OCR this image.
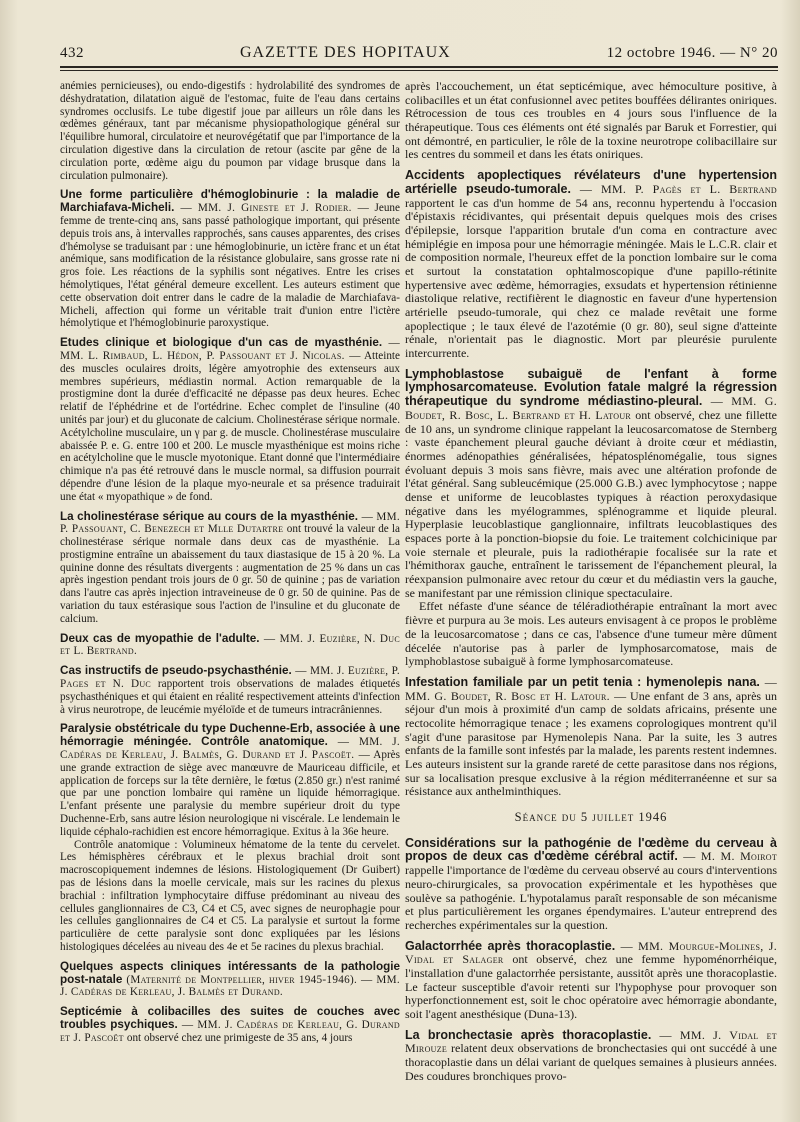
432	GAZETTE DES HOPITAUX	12 octobre 1946. — N° 20

anémies pernicieuses), ou endo-digestifs : hydrolabilité des syndromes de déshydratation, dilatation aiguë de l'estomac, fuite de l'eau dans certains syndromes occlusifs. Le tube digestif joue par ailleurs un rôle dans les œdèmes généraux, tant par mécanisme physiopathologique général sur l'équilibre humoral, circulatoire et neurovégétatif que par l'importance de la circulation digestive dans la circulation de retour (ascite par gêne de la circulation porte, œdème aigu du poumon par vidage brusque dans la circulation pulmonaire).

Une forme particulière d'hémoglobinurie : la maladie de Marchiafava-Micheli. — MM. J. Gineste et J. Rodier. — Jeune femme de trente-cinq ans, sans passé pathologique important, qui présente depuis trois ans, à intervalles rapprochés, sans causes apparentes, des crises d'hémolyse se traduisant par : une hémoglobinurie, un ictère franc et un état anémique, sans modification de la résistance globulaire, sans grosse rate ni gros foie. Les réactions de la syphilis sont négatives. Entre les crises hémolytiques, l'état général demeure excellent. Les auteurs estiment que cette observation doit entrer dans le cadre de la maladie de Marchiafava-Micheli, affection qui forme un véritable trait d'union entre l'ictère hémolytique et l'hémoglobinurie paroxystique.

Etudes clinique et biologique d'un cas de myasthénie. — MM. L. Rimbaud, L. Hédon, P. Passouant et J. Nicolas. — Atteinte des muscles oculaires droits, légère amyotrophie des extenseurs aux membres supérieurs, médiastin normal. Action remarquable de la prostigmine dont la durée d'efficacité ne dépasse pas deux heures. Echec relatif de l'éphédrine et de l'ortédrine. Echec complet de l'insuline (40 unités par jour) et du gluconate de calcium. Cholinestérase sérique normale. Acétylcholine musculaire, un γ par g. de muscle. Cholinestérase musculaire abaissée P. e. G. entre 100 et 200. Le muscle myasthénique est moins riche en acétylcholine que le muscle myotonique. Etant donné que l'intermédiaire chimique n'a pas été retrouvé dans le muscle normal, sa diffusion pourrait dépendre d'une lésion de la plaque myo-neurale et sa présence traduirait une état « myopathique » de fond.

La cholinestérase sérique au cours de la myasthénie. — MM. P. Passouant, C. Benezech et Mlle Dutartre ont trouvé la valeur de la cholinestérase sérique normale dans deux cas de myasthénie. La prostigmine entraîne un abaissement du taux diastasique de 15 à 20 %. La quinine donne des résultats divergents : augmentation de 25 % dans un cas après ingestion pendant trois jours de 0 gr. 50 de quinine ; pas de variation dans l'autre cas après injection intraveineuse de 0 gr. 50 de quinine. Pas de variation du taux estérasique sous l'action de l'insuline et du gluconate de calcium.

Deux cas de myopathie de l'adulte. — MM. J. Euzière, N. Duc et L. Bertrand.

Cas instructifs de pseudo-psychasthénie. — MM. J. Euzière, P. Pages et N. Duc rapportent trois observations de malades étiquetés psychasthéniques et qui étaient en réalité respectivement atteints d'infection à virus neurotrope, de leucémie myéloïde et de tumeurs intracrâniennes.

Paralysie obstétricale du type Duchenne-Erb, associée à une hémorragie méningée. Contrôle anatomique. — MM. J. Cadéras de Kerleau, J. Balmès, G. Durand et J. Pascoët. — Après une grande extraction de siège avec manœuvre de Mauriceau difficile, et application de forceps sur la tête dernière, le fœtus (2.850 gr.) n'est ranimé que par une ponction lombaire qui ramène un liquide hémorragique. L'enfant présente une paralysie du membre supérieur droit du type Duchenne-Erb, sans autre lésion neurologique ni viscérale. Le lendemain le liquide céphalo-rachidien est encore hémorragique. Exitus à la 36e heure.

Contrôle anatomique : Volumineux hématome de la tente du cervelet. Les hémisphères cérébraux et le plexus brachial droit sont macroscopiquement indemnes de lésions. Histologiquement (Dr Guibert) pas de lésions dans la moelle cervicale, mais sur les racines du plexus brachial : infiltration lymphocytaire diffuse prédominant au niveau des cellules ganglionnaires de C3, C4 et C5, avec signes de neurophagie pour les cellules ganglionnaires de C4 et C5. La paralysie et surtout la forme particulière de cette paralysie sont donc expliquées par les lésions histologiques décelées au niveau des 4e et 5e racines du plexus brachial.

Quelques aspects cliniques intéressants de la pathologie post-natale (Maternité de Montpellier, hiver 1945-1946). — MM. J. Cadéras de Kerleau, J. Balmès et Durand.

Septicémie à colibacilles des suites de couches avec troubles psychiques. — MM. J. Cadéras de Kerleau, G. Durand et J. Pascoët ont observé chez une primigeste de 35 ans, 4 jours

après l'accouchement, un état septicémique, avec hémoculture positive, à colibacilles et un état confusionnel avec petites bouffées délirantes oniriques. Rétrocession de tous ces troubles en 4 jours sous l'influence de la thérapeutique. Tous ces éléments ont été signalés par Baruk et Forrestier, qui ont démontré, en particulier, le rôle de la toxine neurotrope colibacillaire sur les centres du sommeil et dans les états oniriques.

Accidents apoplectiques révélateurs d'une hypertension artérielle pseudo-tumorale. — MM. P. Pagès et L. Bertrand rapportent le cas d'un homme de 54 ans, reconnu hypertendu à l'occasion d'épistaxis récidivantes, qui présentait depuis quelques mois des crises d'épilepsie, lorsque l'apparition brutale d'un coma en contracture avec hémiplégie en imposa pour une hémorragie méningée. Mais le L.C.R. clair et de composition normale, l'heureux effet de la ponction lombaire sur le coma et surtout la constatation ophtalmoscopique d'une papillo-rétinite hypertensive avec œdème, hémorragies, exsudats et hypertension rétinienne diastolique relative, rectifièrent le diagnostic en faveur d'une hypertension artérielle pseudo-tumorale, qui chez ce malade revêtait une forme apoplectique ; le taux élevé de l'azotémie (0 gr. 80), seul signe d'atteinte rénale, n'orientait pas le diagnostic. Mort par pleurésie purulente intercurrente.

Lymphoblastose subaiguë de l'enfant à forme lymphosarcomateuse. Evolution fatale malgré la régression thérapeutique du syndrome médiastino-pleural. — MM. G. Boudet, R. Bosc, L. Bertrand et H. Latour ont observé, chez une fillette de 10 ans, un syndrome clinique rappelant la leucosarcomatose de Sternberg : vaste épanchement pleural gauche déviant à droite cœur et médiastin, énormes adénopathies généralisées, hépatosplénomégalie, tous signes évoluant depuis 3 mois sans fièvre, mais avec une altération profonde de l'état général. Sang subleucémique (25.000 G.B.) avec lymphocytose ; nappe dense et uniforme de leucoblastes typiques à réaction peroxydasique négative dans les myélogrammes, splénogramme et liquide pleural. Hyperplasie leucoblastique ganglionnaire, infiltrats leucoblastiques des espaces porte à la ponction-biopsie du foie. Le traitement colchicinique par voie sternale et pleurale, puis la radiothérapie focalisée sur la rate et l'hémithorax gauche, entraînent le tarissement de l'épanchement pleural, la réexpansion pulmonaire avec retour du cœur et du médiastin vers la gauche, se manifestant par une rémission clinique spectaculaire.

Effet néfaste d'une séance de téléradiothérapie entraînant la mort avec fièvre et purpura au 3e mois. Les auteurs envisagent à ce propos le problème de la leucosarcomatose ; dans ce cas, l'absence d'une tumeur mère dûment décelée n'autorise pas à parler de lymphosarcomatose, mais de lymphoblastose subaiguë à forme lymphosarcomateuse.

Infestation familiale par un petit tenia : hymenolepis nana. — MM. G. Boudet, R. Bosc et H. Latour. — Une enfant de 3 ans, après un séjour d'un mois à proximité d'un camp de soldats africains, présente une rectocolite hémorragique tenace ; les examens coprologiques montrent qu'il s'agit d'une parasitose par Hymenolepis Nana. Par la suite, les 3 autres enfants de la famille sont infestés par la malade, les parents restent indemnes. Les auteurs insistent sur la grande rareté de cette parasitose dans nos régions, sur sa localisation presque exclusive à la région méditerranéenne et sur sa résistance aux anthelminthiques.

Séance du 5 juillet 1946

Considérations sur la pathogénie de l'œdème du cerveau à propos de deux cas d'œdème cérébral actif. — M. M. Moirot rappelle l'importance de l'œdème du cerveau observé au cours d'interventions neuro-chirurgicales, sa provocation expérimentale et les hypothèses que soulève sa pathogénie. L'hypotalamus paraît responsable de son mécanisme et plus particulièrement les organes épendymaires. L'auteur entreprend des recherches expérimentales sur la question.

Galactorrhée après thoracoplastie. — MM. Mourgue-Molines, J. Vidal et Salager ont observé, chez une femme hypoménorrhéique, l'installation d'une galactorrhée persistante, aussitôt après une thoracoplastie. Le facteur susceptible d'avoir retenti sur l'hypophyse pour provoquer son hyperfonctionnement est, soit le choc opératoire avec hémorragie abondante, soit l'agent anesthésique (Duna-13).

La bronchectasie après thoracoplastie. — MM. J. Vidal et Mirouze relatent deux observations de bronchectasies qui ont succédé à une thoracoplastie dans un délai variant de quelques semaines à plusieurs années. Des coudures bronchiques provo-
